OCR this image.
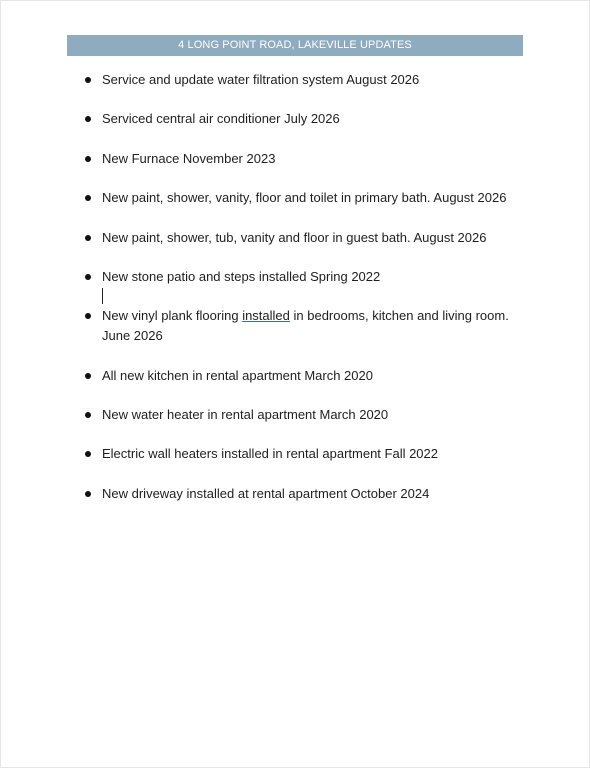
4 LONG POINT ROAD, LAKEVILLE UPDATES
Service and update water filtration system August 2026
Serviced central air conditioner July 2026
New Furnace November 2023
New paint, shower, vanity, floor and toilet in primary bath. August 2026
New paint, shower, tub, vanity and floor in guest bath. August 2026
New stone patio and steps installed Spring 2022
New vinyl plank flooring installed in bedrooms, kitchen and living room. June 2026
All new kitchen in rental apartment March 2020
New water heater in rental apartment March 2020
Electric wall heaters installed in rental apartment Fall 2022
New driveway installed at rental apartment October 2024
